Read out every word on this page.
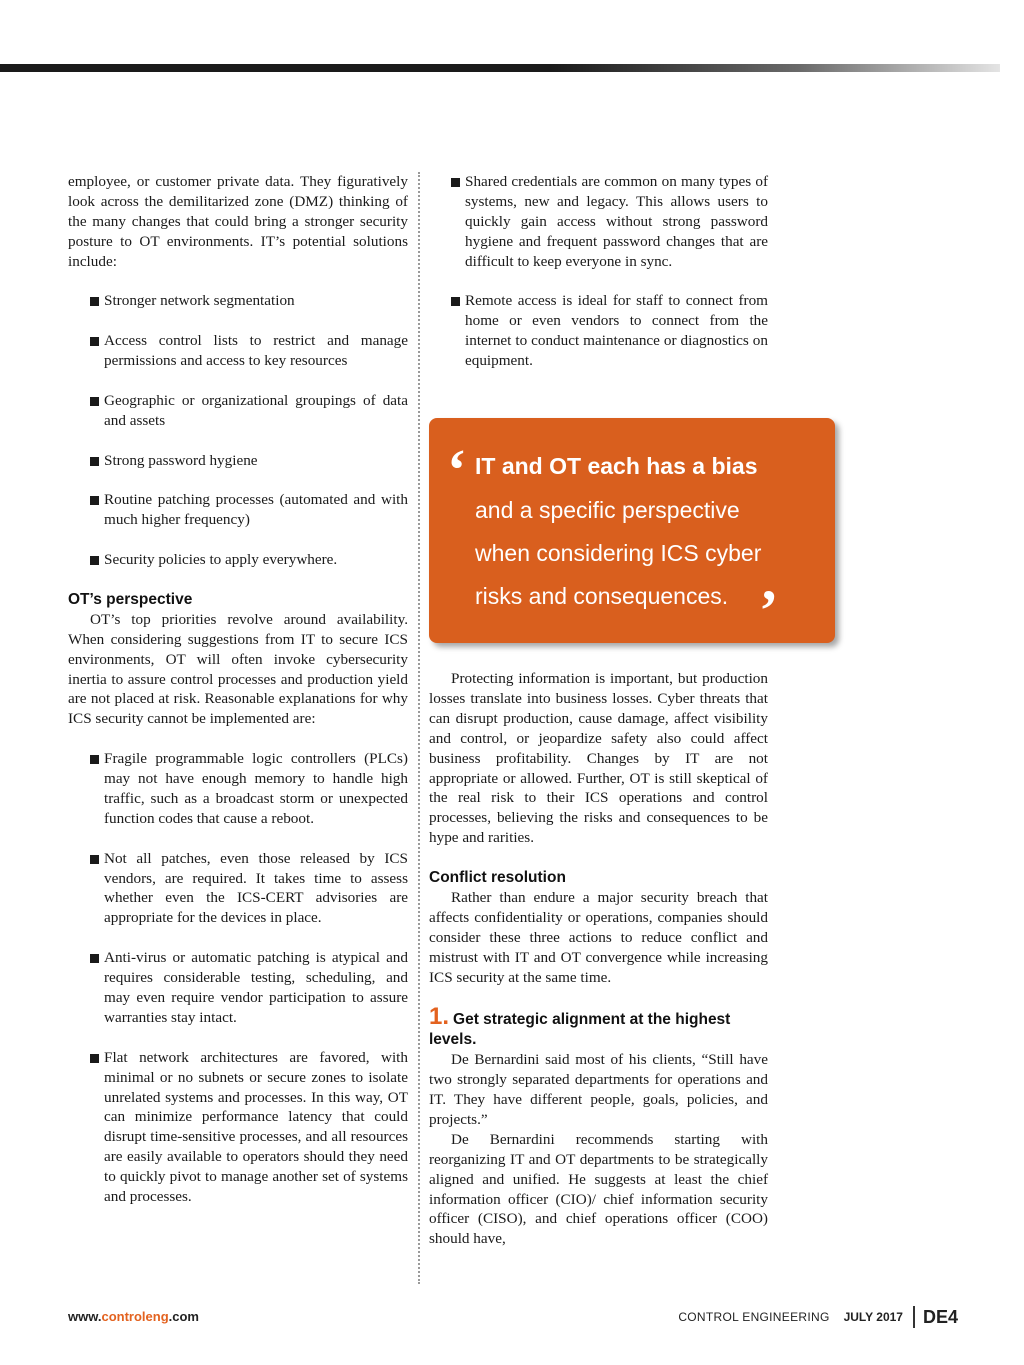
employee, or customer private data. They figuratively look across the demilitarized zone (DMZ) thinking of the many changes that could bring a stronger security posture to OT environments. IT’s potential solutions include:

Stronger network segmentation

Access control lists to restrict and manage permissions and access to key resources

Geographic or organizational groupings of data and assets

Strong password hygiene

Routine patching processes (automated and with much higher frequency)

Security policies to apply everywhere.

OT’s perspective

OT’s top priorities revolve around availability. When considering suggestions from IT to secure ICS environments, OT will often invoke cybersecurity inertia to assure control processes and production yield are not placed at risk. Reasonable explanations for why ICS security cannot be implemented are:

Fragile programmable logic controllers (PLCs) may not have enough memory to handle high traffic, such as a broadcast storm or unexpected function codes that cause a reboot.

Not all patches, even those released by ICS vendors, are required. It takes time to assess whether even the ICS-CERT advisories are appropriate for the devices in place.

Anti-virus or automatic patching is atypical and requires considerable testing, scheduling, and may even require vendor participation to assure warranties stay intact.

Flat network architectures are favored, with minimal or no subnets or secure zones to isolate unrelated systems and processes. In this way, OT can minimize performance latency that could disrupt time-sensitive processes, and all resources are easily available to operators should they need to quickly pivot to manage another set of systems and processes.

Shared credentials are common on many types of systems, new and legacy. This allows users to quickly gain access without strong password hygiene and frequent password changes that are difficult to keep everyone in sync.

Remote access is ideal for staff to connect from home or even vendors to connect from the internet to conduct maintenance or diagnostics on equipment.

‘ IT and OT each has a bias
and a specific perspective
when considering ICS cyber
risks and consequences. ’

Protecting information is important, but production losses translate into business losses. Cyber threats that can disrupt production, cause damage, affect visibility and control, or jeopardize safety also could affect business profitability. Changes by IT are not appropriate or allowed. Further, OT is still skeptical of the real risk to their ICS operations and control processes, believing the risks and consequences to be hype and rarities.

Conflict resolution

Rather than endure a major security breach that affects confidentiality or operations, companies should consider these three actions to reduce conflict and mistrust with IT and OT convergence while increasing ICS security at the same time.

1. Get strategic alignment at the highest levels.

De Bernardini said most of his clients, “Still have two strongly separated departments for operations and IT. They have different people, goals, policies, and projects.”

De Bernardini recommends starting with reorganizing IT and OT departments to be strategically aligned and unified. He suggests at least the chief information officer (CIO)/ chief information security officer (CISO), and chief operations officer (COO) should have,

www.controleng.com	CONTROL ENGINEERING JULY 2017 DE4
